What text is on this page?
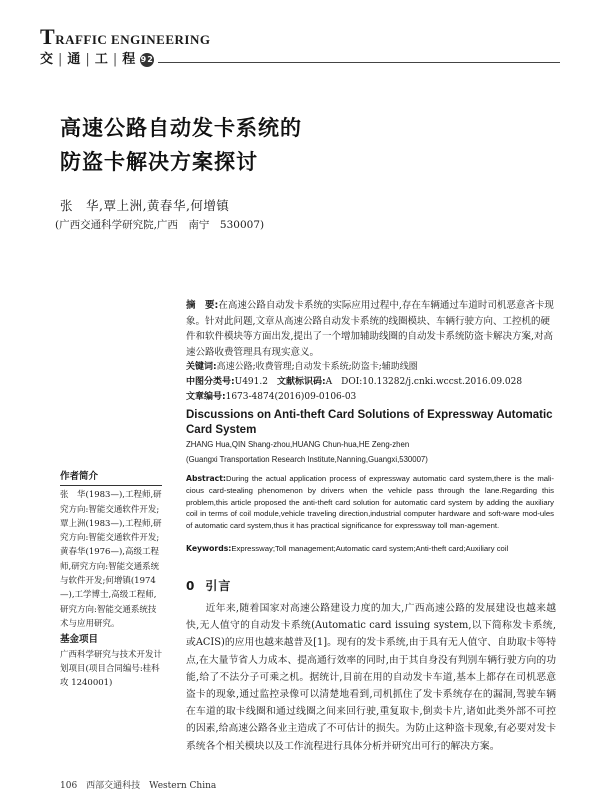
TRAFFIC ENGINEERING
交 | 通 | 工 | 程 92
高速公路自动发卡系统的
防盗卡解决方案探讨
张　华,覃上洲,黄春华,何增镇
(广西交通科学研究院,广西　南宁　530007)
摘　要:在高速公路自动发卡系统的实际应用过程中,存在车辆通过车道时司机恶意吝卡现象。针对此问题,文章从高速公路自动发卡系统的线圈模块、车辆行驶方向、工控机的硬件和软件模块等方面出发,提出了一个增加辅助线圈的自动发卡系统防盗卡解决方案,对高速公路收费管理具有现实意义。
关键词:高速公路;收费管理;自动发卡系统;防盗卡;辅助线圈
中图分类号:U491.2　 文献标识码:A　 DOI:10.13282/j.cnki.wccst.2016.09.028
文章编号:1673-4874(2016)09-0106-03
Discussions on Anti-theft Card Solutions of Expressway Automatic Card System
ZHANG Hua,QIN Shang-zhou,HUANG Chun-hua,HE Zeng-zhen
(Guangxi Transportation Research Institute,Nanning,Guangxi,530007)
Abstract:During the actual application process of expressway automatic card system,there is the mali-cious card-stealing phenomenon by drivers when the vehicle pass through the lane.Regarding this problem,this article proposed the anti-theft card solution for automatic card system by adding the auxiliary coil in terms of coil module,vehicle traveling direction,industrial computer hardware and soft-ware mod-ules of automatic card system,thus it has practical significance for expressway toll man-agement.
Keywords:Expressway;Toll management;Automatic card system;Anti-theft card;Auxiliary coil
作者简介
张　华(1983—),工程师,研究方向:智能交通软件开发;覃上洲(1983—),工程师,研究方向:智能交通软件开发;黄春华(1976—),高级工程师,研究方向:智能交通系统与软件开发;何增镇(1974—),工学博士,高级工程师,研究方向:智能交通系统技术与应用研究。
基金项目
广西科学研究与技术开发计划项目(项目合同编号:桂科攻 1240001)
0 引言
近年来,随着国家对高速公路建设力度的加大,广西高速公路的发展建设也越来越快,无人值守的自动发卡系统(Automatic card issuing system,以下简称发卡系统,或ACIS)的应用也越来越普及[1]。现有的发卡系统,由于具有无人值守、自助取卡等特点,在大量节省人力成本、提高通行效率的同时,由于其自身没有判别车辆行驶方向的功能,给了不法分子可乘之机。据统计,目前在用的自动发卡车道,基本上都存在司机恶意盗卡的现象,通过监控录像可以清楚地看到,司机抓住了发卡系统存在的漏洞,驾驶车辆在车道的取卡线圈和通过线圈之间来回行驶,重复取卡,倒卖卡片,诸如此类外部不可控的因素,给高速公路各业主造成了不可估计的损失。为防止这种盗卡现象,有必要对发卡系统各个相关模块以及工作流程进行具体分析并研究出可行的解决方案。
106　西部交通科技　Western China
